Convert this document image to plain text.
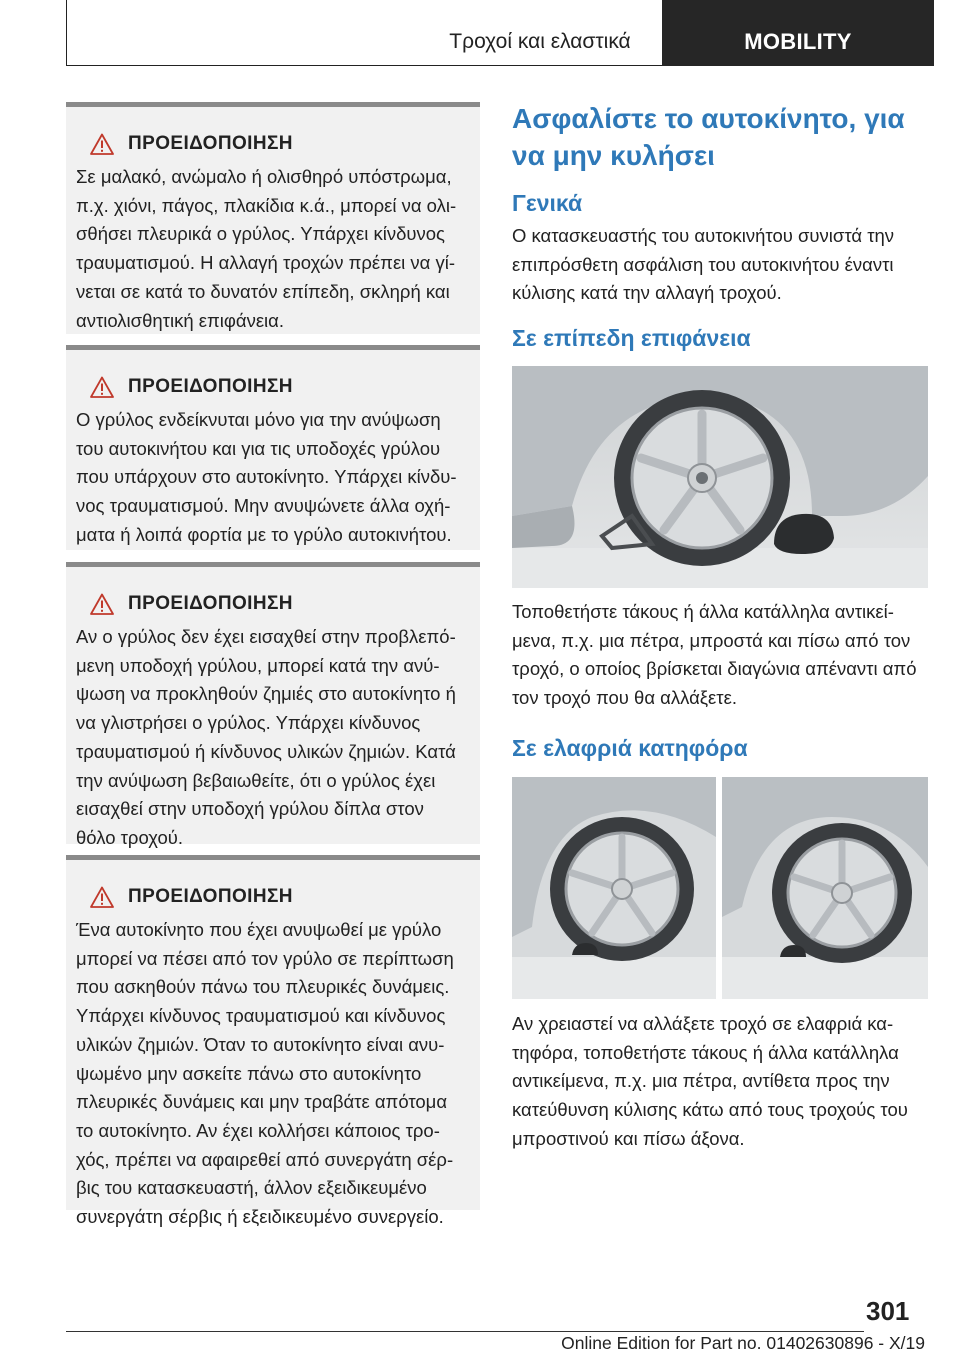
Τροχοί και ελαστικά	MOBILITY
ΠΡΟΕΙΔΟΠΟΙΗΣΗ
Σε μαλακό, ανώμαλο ή ολισθηρό υπόστρωμα, π.χ. χιόνι, πάγος, πλακίδια κ.ά., μπορεί να ολισθήσει πλευρικά ο γρύλος. Υπάρχει κίνδυνος τραυματισμού. Η αλλαγή τροχών πρέπει να γίνεται σε κατά το δυνατόν επίπεδη, σκληρή και αντιολισθητική επιφάνεια.
ΠΡΟΕΙΔΟΠΟΙΗΣΗ
Ο γρύλος ενδείκνυται μόνο για την ανύψωση του αυτοκινήτου και για τις υποδοχές γρύλου που υπάρχουν στο αυτοκίνητο. Υπάρχει κίνδυνος τραυματισμού. Μην ανυψώνετε άλλα οχήματα ή λοιπά φορτία με το γρύλο αυτοκινήτου.
ΠΡΟΕΙΔΟΠΟΙΗΣΗ
Αν ο γρύλος δεν έχει εισαχθεί στην προβλεπόμενη υποδοχή γρύλου, μπορεί κατά την ανύψωση να προκληθούν ζημιές στο αυτοκίνητο ή να γλιστρήσει ο γρύλος. Υπάρχει κίνδυνος τραυματισμού ή κίνδυνος υλικών ζημιών. Κατά την ανύψωση βεβαιωθείτε, ότι ο γρύλος έχει εισαχθεί στην υποδοχή γρύλου δίπλα στον θόλο τροχού.
ΠΡΟΕΙΔΟΠΟΙΗΣΗ
Ένα αυτοκίνητο που έχει ανυψωθεί με γρύλο μπορεί να πέσει από τον γρύλο σε περίπτωση που ασκηθούν πάνω του πλευρικές δυνάμεις. Υπάρχει κίνδυνος τραυματισμού και κίνδυνος υλικών ζημιών. Όταν το αυτοκίνητο είναι ανυψωμένο μην ασκείτε πάνω στο αυτοκίνητο πλευρικές δυνάμεις και μην τραβάτε απότομα το αυτοκίνητο. Αν έχει κολλήσει κάποιος τροχός, πρέπει να αφαιρεθεί από συνεργάτη σέρβις του κατασκευαστή, άλλον εξειδικευμένο συνεργάτη σέρβις ή εξειδικευμένο συνεργείο.
Ασφαλίστε το αυτοκίνητο, για να μην κυλήσει
Γενικά
Ο κατασκευαστής του αυτοκινήτου συνιστά την επιπρόσθετη ασφάλιση του αυτοκινήτου έναντι κύλισης κατά την αλλαγή τροχού.
Σε επίπεδη επιφάνεια
Τοποθετήστε τάκους ή άλλα κατάλληλα αντικείμενα, π.χ. μια πέτρα, μπροστά και πίσω από τον τροχό, ο οποίος βρίσκεται διαγώνια απέναντι από τον τροχό που θα αλλάξετε.
Σε ελαφριά κατηφόρα
Αν χρειαστεί να αλλάξετε τροχό σε ελαφριά κατηφόρα, τοποθετήστε τάκους ή άλλα κατάλληλα αντικείμενα, π.χ. μια πέτρα, αντίθετα προς την κατεύθυνση κύλισης κάτω από τους τροχούς του μπροστινού και πίσω άξονα.
301
Online Edition for Part no. 01402630896 - X/19
